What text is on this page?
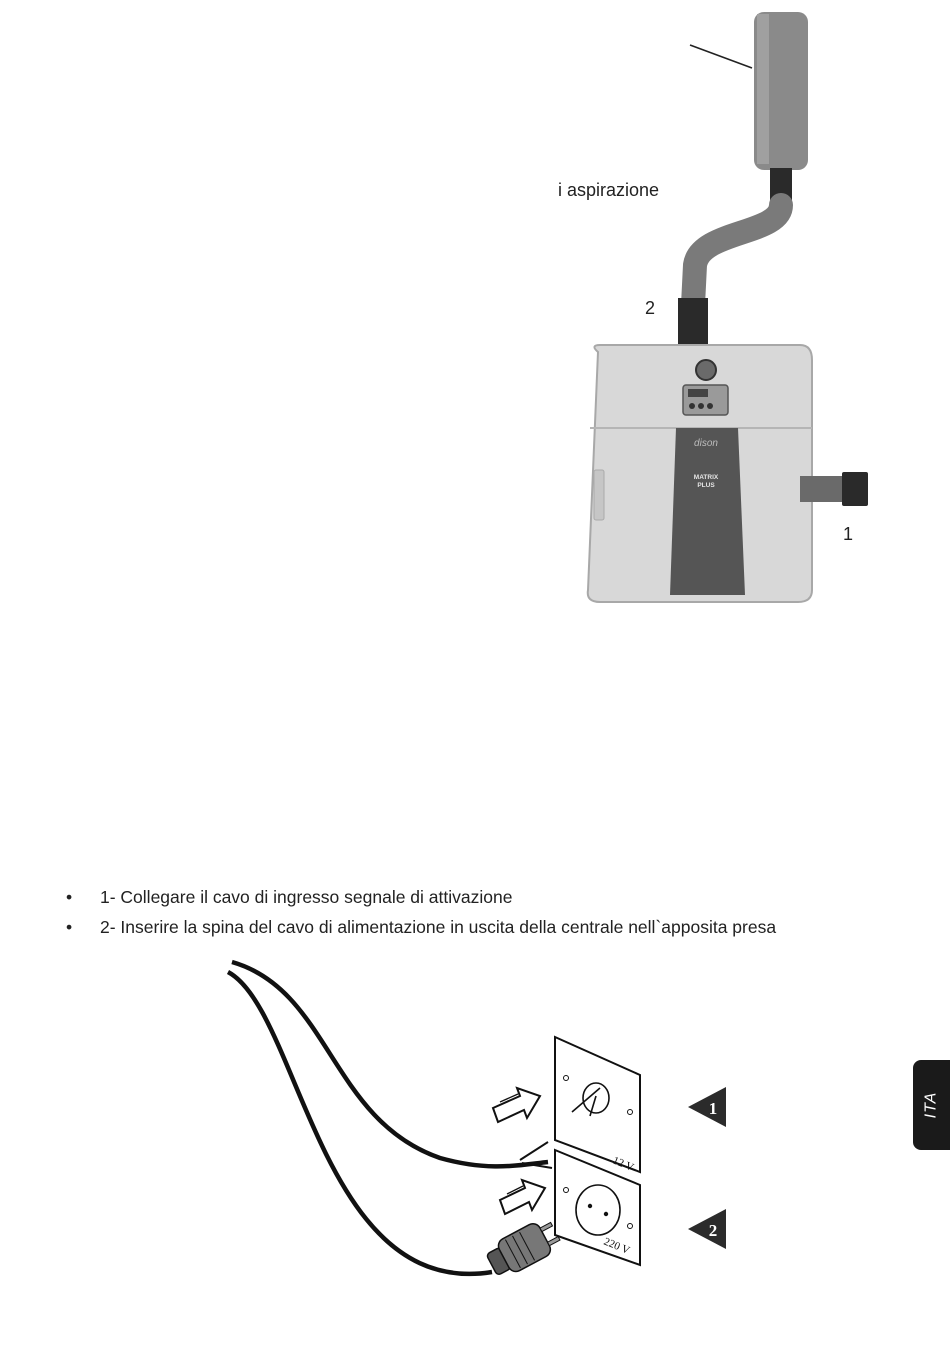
dison
MATRIX
PLUS
i aspirazione
2
1
• 1- Collegare il cavo di ingresso segnale di attivazione
• 2- Inserire la spina del cavo di alimentazione in uscita della centrale nell`apposita presa
12 V
220 V
1
2
ITA
